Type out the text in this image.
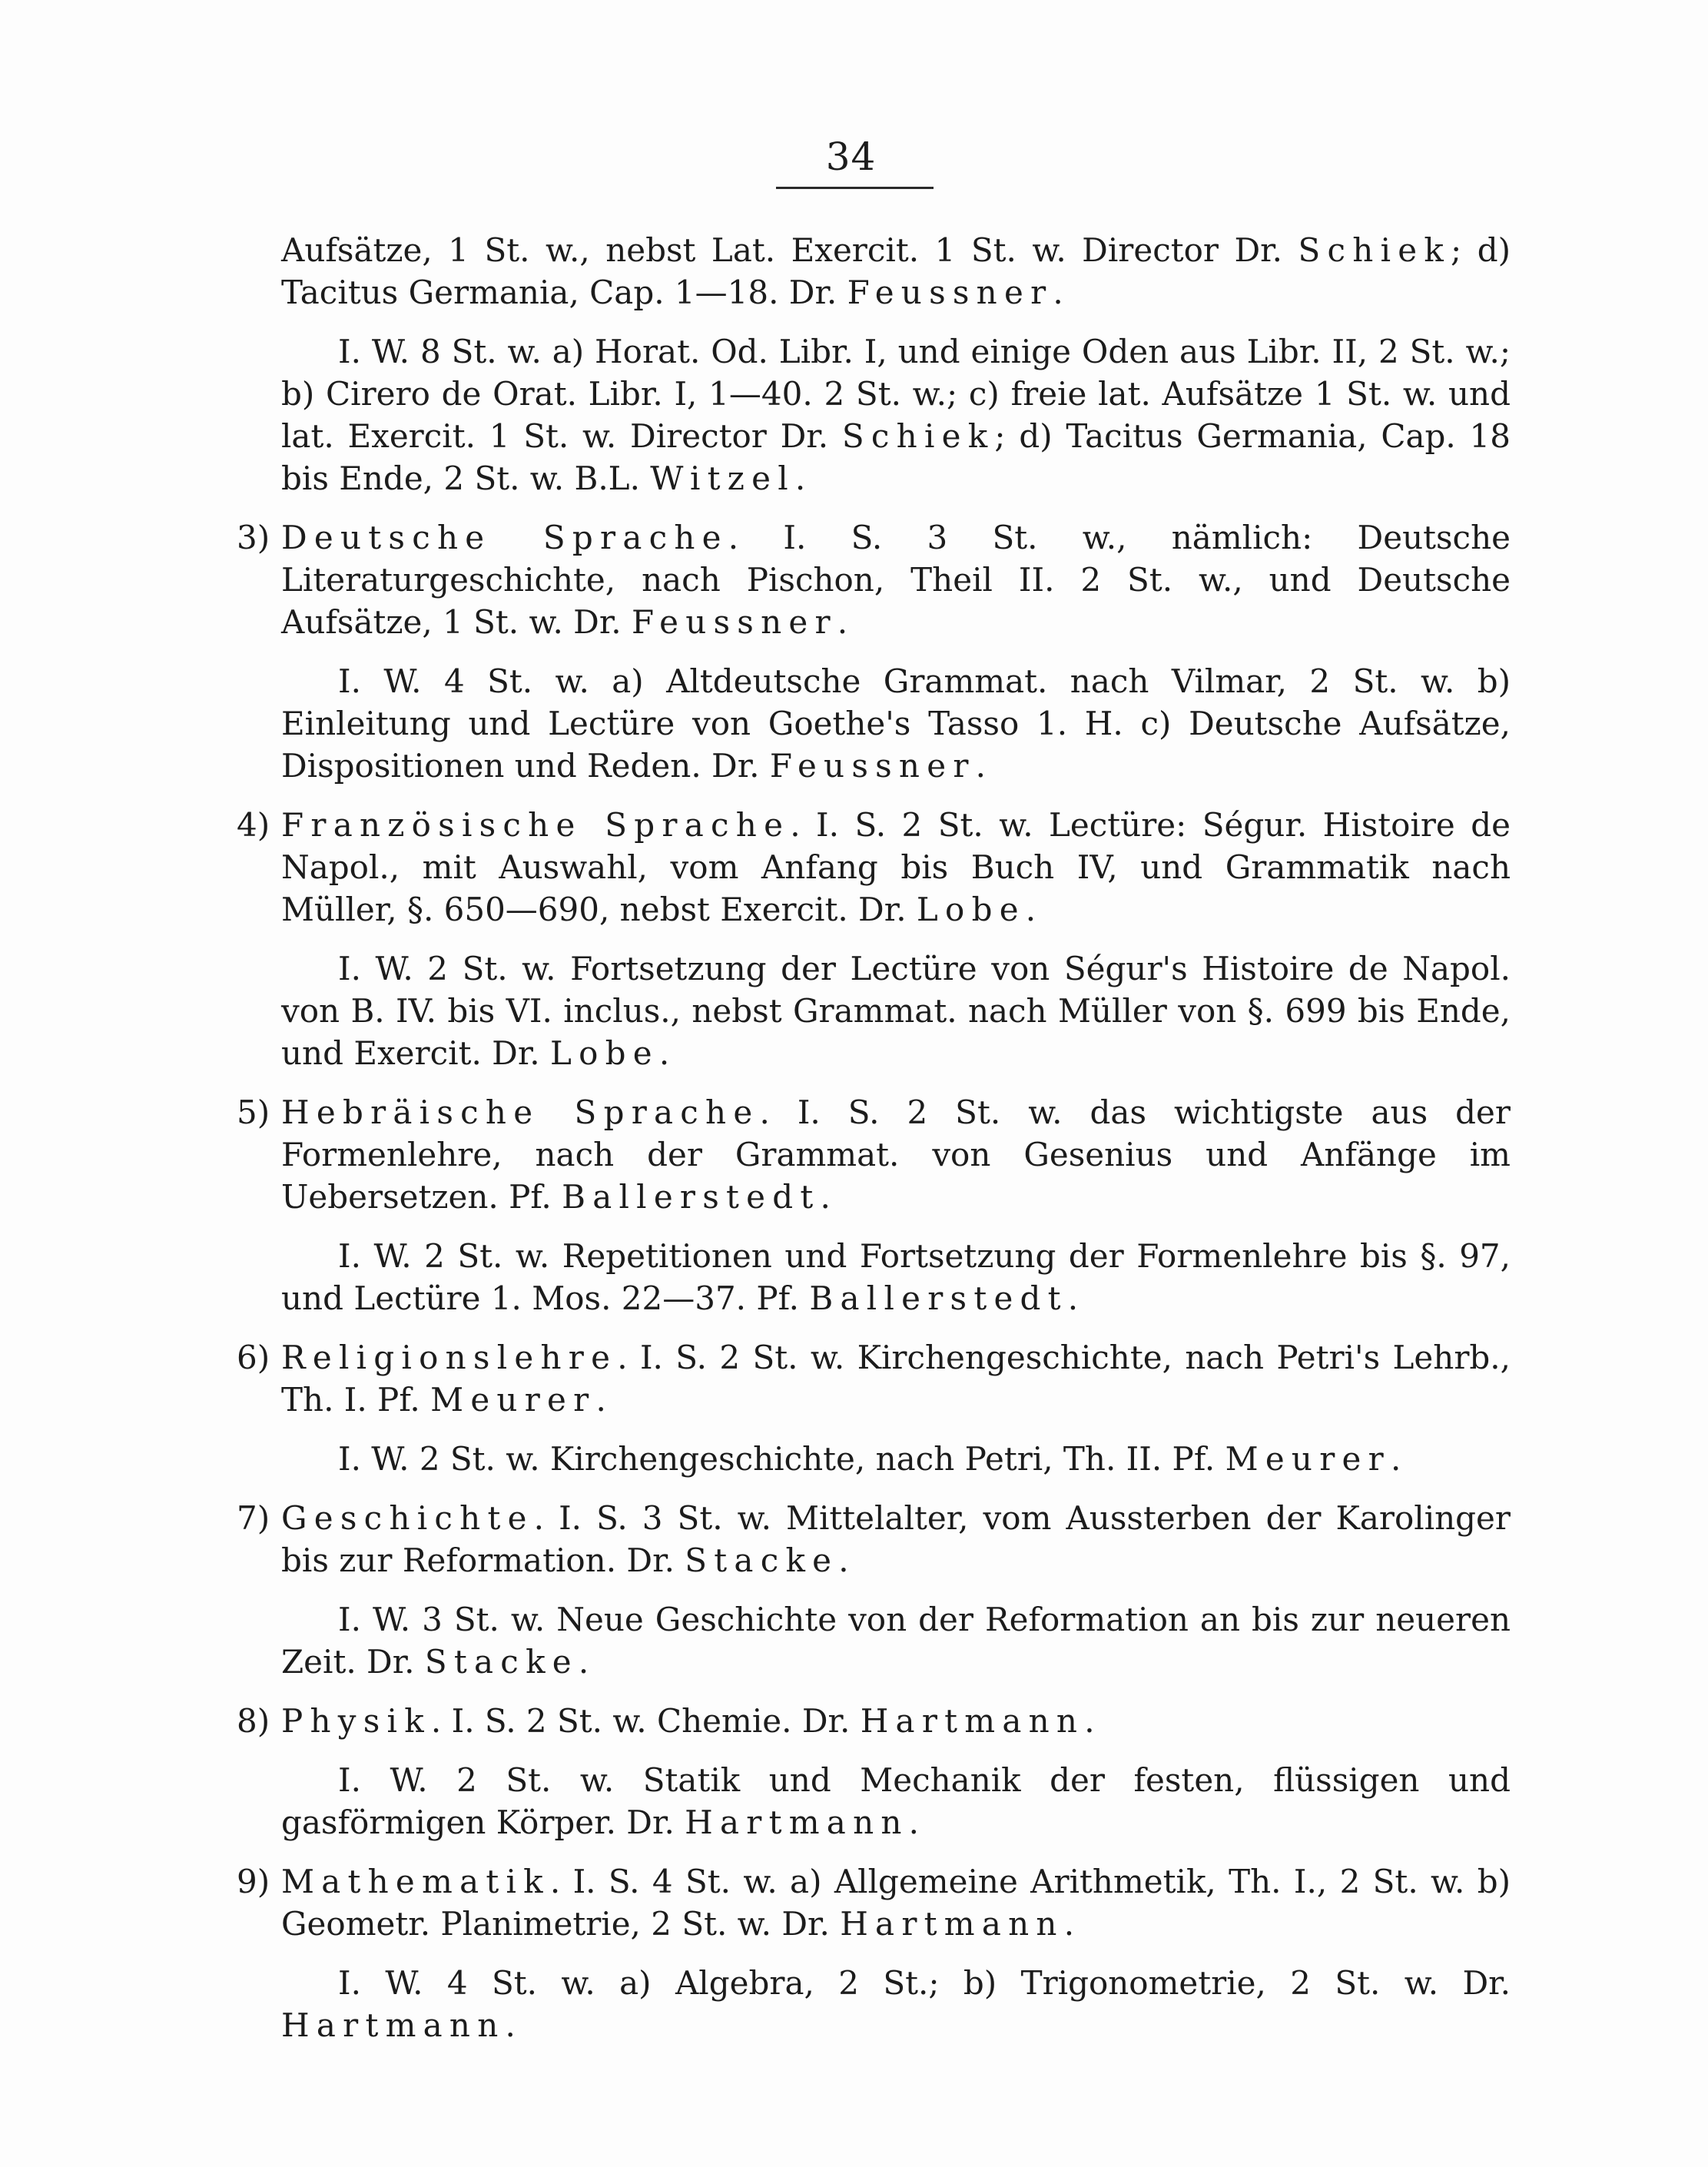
34

Aufsätze, 1 St. w., nebst Lat. Exercit. 1 St. w. Director Dr. Schiek; d) Tacitus Germania, Cap. 1—18. Dr. Feussner.

I. W. 8 St. w. a) Horat. Od. Libr. I, und einige Oden aus Libr. II, 2 St. w.; b) Cirero de Orat. Libr. I, 1—40. 2 St. w.; c) freie lat. Aufsätze 1 St. w. und lat. Exercit. 1 St. w. Director Dr. Schiek; d) Tacitus Germania, Cap. 18 bis Ende, 2 St. w. B.L. Witzel.

3) Deutsche Sprache. I. S. 3 St. w., nämlich: Deutsche Literaturgeschichte, nach Pischon, Theil II. 2 St. w., und Deutsche Aufsätze, 1 St. w. Dr. Feussner.

I. W. 4 St. w. a) Altdeutsche Grammat. nach Vilmar, 2 St. w. b) Einleitung und Lectüre von Goethe's Tasso 1. H. c) Deutsche Aufsätze, Dispositionen und Reden. Dr. Feussner.

4) Französische Sprache. I. S. 2 St. w. Lectüre: Ségur. Histoire de Napol., mit Auswahl, vom Anfang bis Buch IV, und Grammatik nach Müller, §. 650—690, nebst Exercit. Dr. Lobe.

I. W. 2 St. w. Fortsetzung der Lectüre von Ségur's Histoire de Napol. von B. IV. bis VI. inclus., nebst Grammat. nach Müller von §. 699 bis Ende, und Exercit. Dr. Lobe.

5) Hebräische Sprache. I. S. 2 St. w. das wichtigste aus der Formenlehre, nach der Grammat. von Gesenius und Anfänge im Uebersetzen. Pf. Ballerstedt.

I. W. 2 St. w. Repetitionen und Fortsetzung der Formenlehre bis §. 97, und Lectüre 1. Mos. 22—37. Pf. Ballerstedt.

6) Religionslehre. I. S. 2 St. w. Kirchengeschichte, nach Petri's Lehrb., Th. I. Pf. Meurer.

I. W. 2 St. w. Kirchengeschichte, nach Petri, Th. II. Pf. Meurer.

7) Geschichte. I. S. 3 St. w. Mittelalter, vom Aussterben der Karolinger bis zur Reformation. Dr. Stacke.

I. W. 3 St. w. Neue Geschichte von der Reformation an bis zur neueren Zeit. Dr. Stacke.

8) Physik. I. S. 2 St. w. Chemie. Dr. Hartmann.

I. W. 2 St. w. Statik und Mechanik der festen, flüssigen und gasförmigen Körper. Dr. Hartmann.

9) Mathematik. I. S. 4 St. w. a) Allgemeine Arithmetik, Th. I., 2 St. w. b) Geometr. Planimetrie, 2 St. w. Dr. Hartmann.

I. W. 4 St. w. a) Algebra, 2 St.; b) Trigonometrie, 2 St. w. Dr. Hartmann.
